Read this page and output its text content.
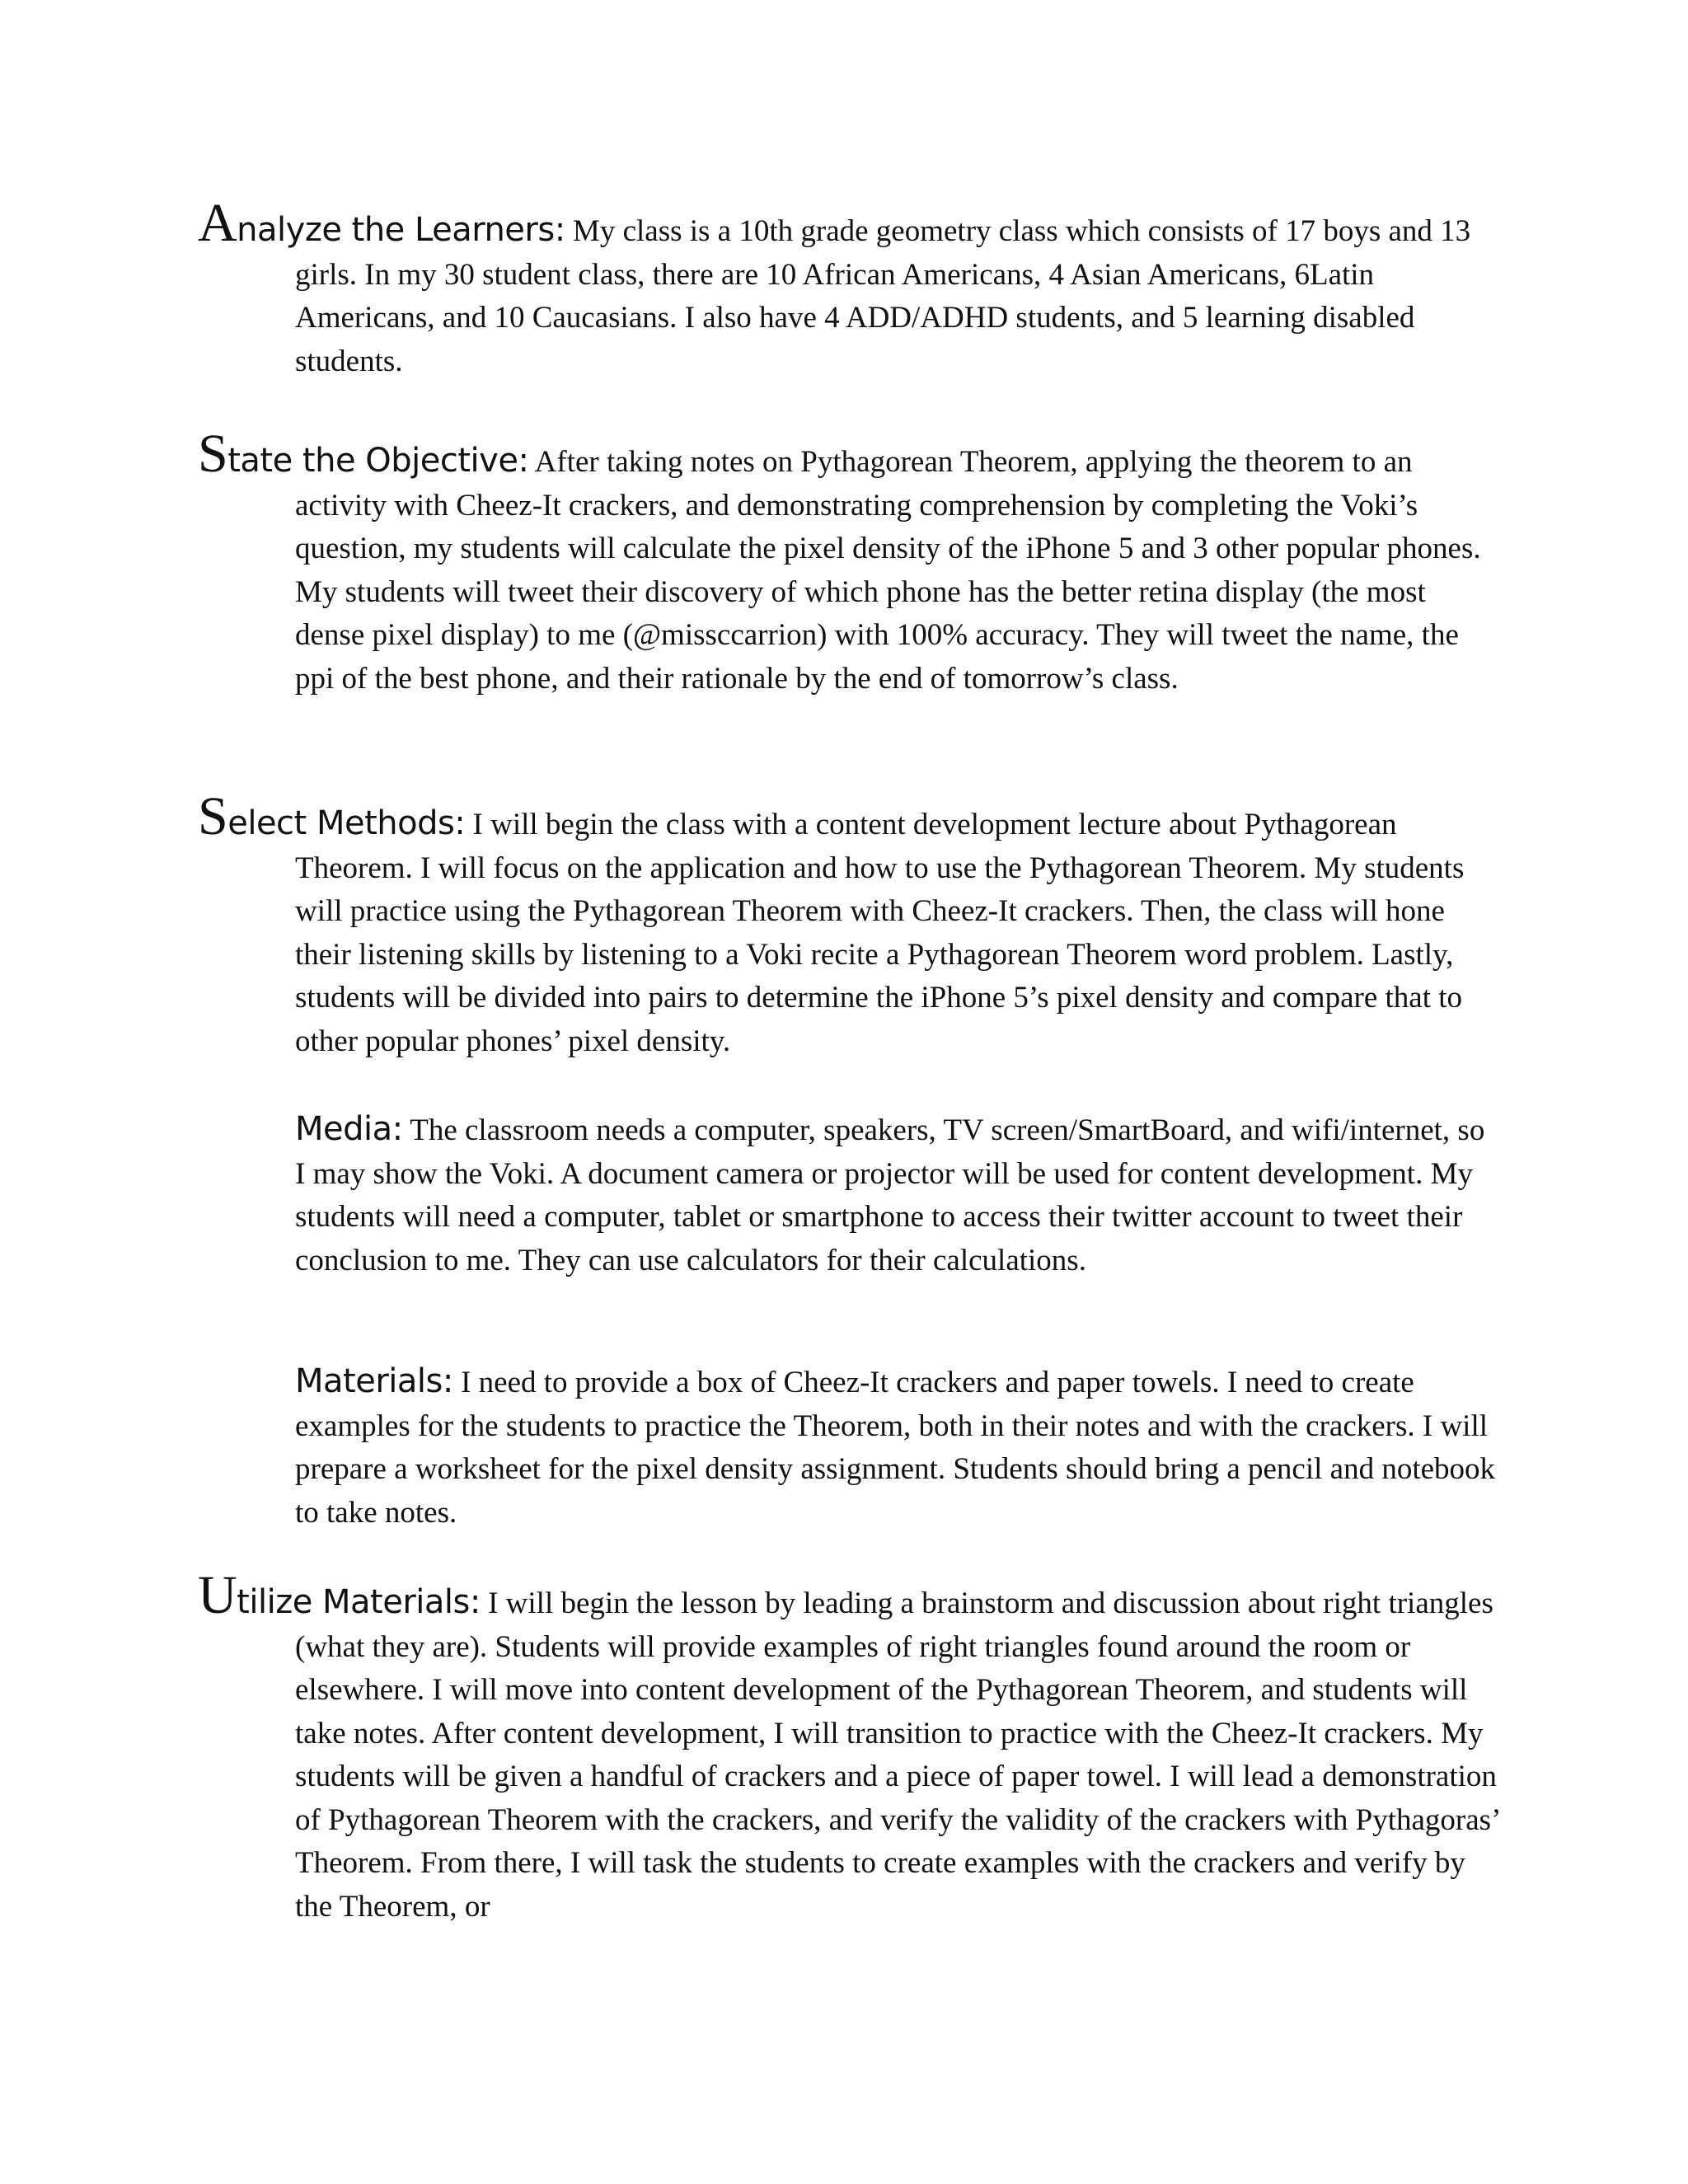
Analyze the Learners: My class is a 10th grade geometry class which consists of 17 boys and 13 girls. In my 30 student class, there are 10 African Americans, 4 Asian Americans, 6Latin Americans, and 10 Caucasians. I also have 4 ADD/ADHD students, and 5 learning disabled students.

State the Objective: After taking notes on Pythagorean Theorem, applying the theorem to an activity with Cheez-It crackers, and demonstrating comprehension by completing the Voki’s question, my students will calculate the pixel density of the iPhone 5 and 3 other popular phones. My students will tweet their discovery of which phone has the better retina display (the most dense pixel display) to me (@missccarrion) with 100% accuracy. They will tweet the name, the ppi of the best phone, and their rationale by the end of tomorrow’s class.

Select Methods: I will begin the class with a content development lecture about Pythagorean Theorem. I will focus on the application and how to use the Pythagorean Theorem. My students will practice using the Pythagorean Theorem with Cheez-It crackers. Then, the class will hone their listening skills by listening to a Voki recite a Pythagorean Theorem word problem. Lastly, students will be divided into pairs to determine the iPhone 5’s pixel density and compare that to other popular phones’ pixel density.

Media: The classroom needs a computer, speakers, TV screen/SmartBoard, and wifi/internet, so I may show the Voki. A document camera or projector will be used for content development. My students will need a computer, tablet or smartphone to access their twitter account to tweet their conclusion to me. They can use calculators for their calculations.

Materials: I need to provide a box of Cheez-It crackers and paper towels. I need to create examples for the students to practice the Theorem, both in their notes and with the crackers. I will prepare a worksheet for the pixel density assignment. Students should bring a pencil and notebook to take notes.

Utilize Materials: I will begin the lesson by leading a brainstorm and discussion about right triangles (what they are). Students will provide examples of right triangles found around the room or elsewhere. I will move into content development of the Pythagorean Theorem, and students will take notes. After content development, I will transition to practice with the Cheez-It crackers. My students will be given a handful of crackers and a piece of paper towel. I will lead a demonstration of Pythagorean Theorem with the crackers, and verify the validity of the crackers with Pythagoras’ Theorem. From there, I will task the students to create examples with the crackers and verify by the Theorem, or
